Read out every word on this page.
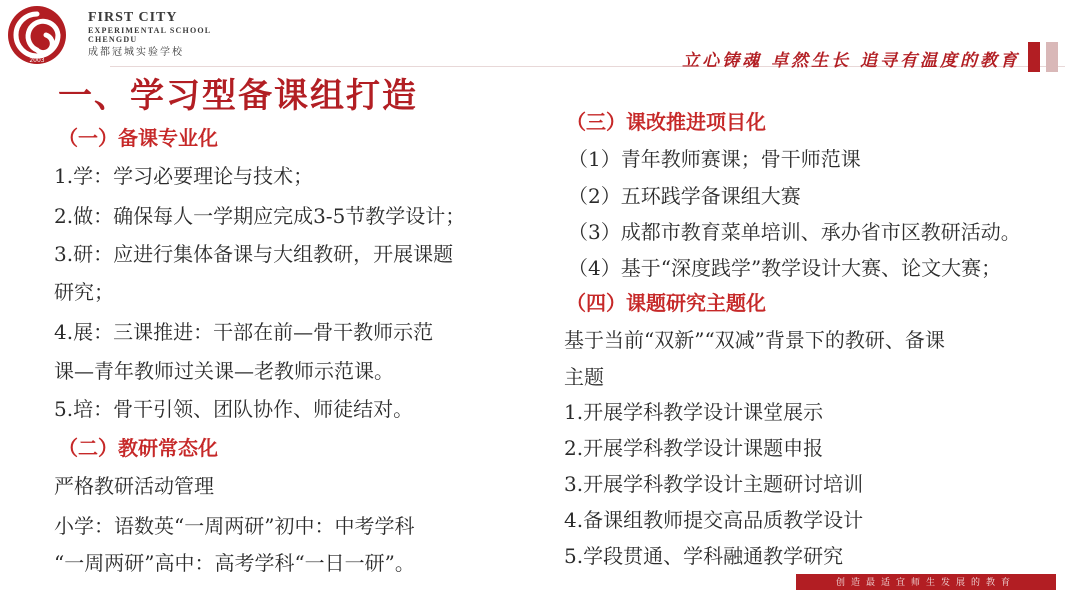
2003
FIRST CITY
EXPERIMENTAL SCHOOL
CHENGDU
成都冠城实验学校	立心铸魂 卓然生长 追寻有温度的教育
一、学习型备课组打造
（一）备课专业化
1.学：学习必要理论与技术；
2.做：确保每人一学期应完成3-5节教学设计；
3.研：应进行集体备课与大组教研，开展课题
研究；
4.展：三课推进：干部在前—骨干教师示范
课—青年教师过关课—老教师示范课。
5.培：骨干引领、团队协作、师徒结对。
（二）教研常态化
严格教研活动管理
小学：语数英“一周两研”初中：中考学科
“一周两研”高中：高考学科“一日一研”。
（三）课改推进项目化
（1）青年教师赛课；骨干师范课
（2）五环践学备课组大赛
（3）成都市教育菜单培训、承办省市区教研活动。
（4）基于“深度践学”教学设计大赛、论文大赛；
（四）课题研究主题化
基于当前“双新”“双减”背景下的教研、备课
主题
1.开展学科教学设计课堂展示
2.开展学科教学设计课题申报
3.开展学科教学设计主题研讨培训
4.备课组教师提交高品质教学设计
5.学段贯通、学科融通教学研究
创造最适宜师生发展的教育
